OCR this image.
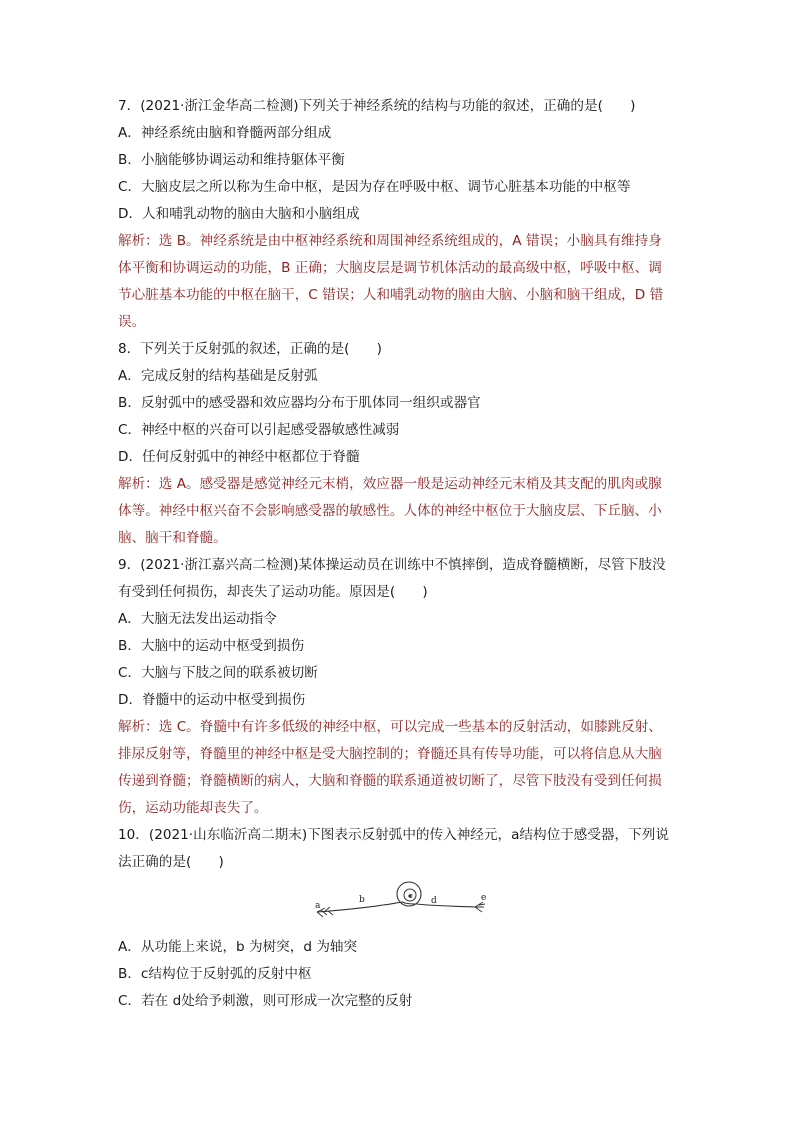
7．(2021·浙江金华高二检测)下列关于神经系统的结构与功能的叙述，正确的是(　　)
A．神经系统由脑和脊髓两部分组成
B．小脑能够协调运动和维持躯体平衡
C．大脑皮层之所以称为生命中枢，是因为存在呼吸中枢、调节心脏基本功能的中枢等
D．人和哺乳动物的脑由大脑和小脑组成
解析：选 B。神经系统是由中枢神经系统和周围神经系统组成的，A 错误；小脑具有维持身
体平衡和协调运动的功能，B 正确；大脑皮层是调节机体活动的最高级中枢，呼吸中枢、调
节心脏基本功能的中枢在脑干，C 错误；人和哺乳动物的脑由大脑、小脑和脑干组成，D 错
误。
8．下列关于反射弧的叙述，正确的是(　　)
A．完成反射的结构基础是反射弧
B．反射弧中的感受器和效应器均分布于肌体同一组织或器官
C．神经中枢的兴奋可以引起感受器敏感性减弱
D．任何反射弧中的神经中枢都位于脊髓
解析：选 A。感受器是感觉神经元末梢，效应器一般是运动神经元末梢及其支配的肌肉或腺
体等。神经中枢兴奋不会影响感受器的敏感性。人体的神经中枢位于大脑皮层、下丘脑、小
脑、脑干和脊髓。
9．(2021·浙江嘉兴高二检测)某体操运动员在训练中不慎摔倒，造成脊髓横断，尽管下肢没
有受到任何损伤，却丧失了运动功能。原因是(　　)
A．大脑无法发出运动指令
B．大脑中的运动中枢受到损伤
C．大脑与下肢之间的联系被切断
D．脊髓中的运动中枢受到损伤
解析：选 C。脊髓中有许多低级的神经中枢，可以完成一些基本的反射活动，如膝跳反射、
排尿反射等，脊髓里的神经中枢是受大脑控制的；脊髓还具有传导功能，可以将信息从大脑
传递到脊髓；脊髓横断的病人，大脑和脊髓的联系通道被切断了，尽管下肢没有受到任何损
伤，运动功能却丧失了。
10．(2021·山东临沂高二期末)下图表示反射弧中的传入神经元，a结构位于感受器，下列说
法正确的是(　　)
a
b	c d	e
A．从功能上来说，b 为树突，d 为轴突
B．c结构位于反射弧的反射中枢
C．若在 d处给予刺激，则可形成一次完整的反射
